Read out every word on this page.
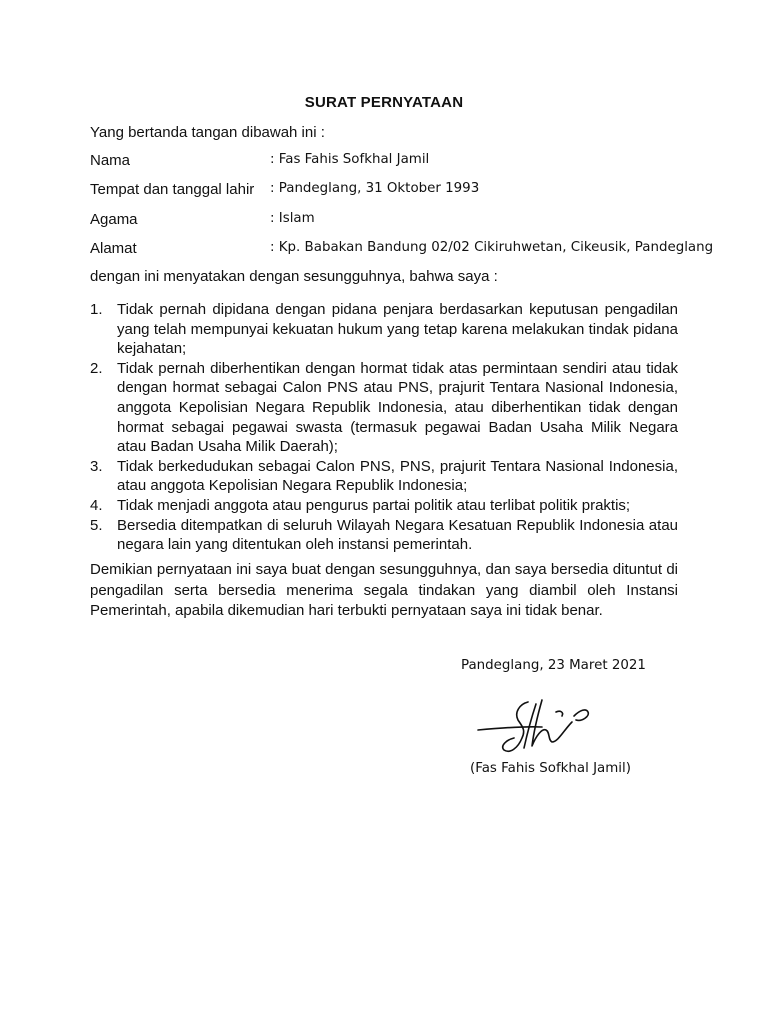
SURAT PERNYATAAN
Yang bertanda tangan dibawah ini :
Nama	: Fas Fahis Sofkhal Jamil
Tempat dan tanggal lahir : Pandeglang, 31 Oktober 1993
Agama	: Islam
Alamat	: Kp. Babakan Bandung 02/02 Cikiruhwetan, Cikeusik, Pandeglang
dengan ini menyatakan dengan sesungguhnya, bahwa saya :
1. Tidak pernah dipidana dengan pidana penjara berdasarkan keputusan pengadilan yang telah mempunyai kekuatan hukum yang tetap karena melakukan tindak pidana kejahatan;
2. Tidak pernah diberhentikan dengan hormat tidak atas permintaan sendiri atau tidak dengan hormat sebagai Calon PNS atau PNS, prajurit Tentara Nasional Indonesia, anggota Kepolisian Negara Republik Indonesia, atau diberhentikan tidak dengan hormat sebagai pegawai swasta (termasuk pegawai Badan Usaha Milik Negara atau Badan Usaha Milik Daerah);
3. Tidak berkedudukan sebagai Calon PNS, PNS, prajurit Tentara Nasional Indonesia, atau anggota Kepolisian Negara Republik Indonesia;
4. Tidak menjadi anggota atau pengurus partai politik atau terlibat politik praktis;
5. Bersedia ditempatkan di seluruh Wilayah Negara Kesatuan Republik Indonesia atau negara lain yang ditentukan oleh instansi pemerintah.
Demikian pernyataan ini saya buat dengan sesungguhnya, dan saya bersedia dituntut di pengadilan serta bersedia menerima segala tindakan yang diambil oleh Instansi Pemerintah, apabila dikemudian hari terbukti pernyataan saya ini tidak benar.
Pandeglang, 23 Maret 2021
(Fas Fahis Sofkhal Jamil)
